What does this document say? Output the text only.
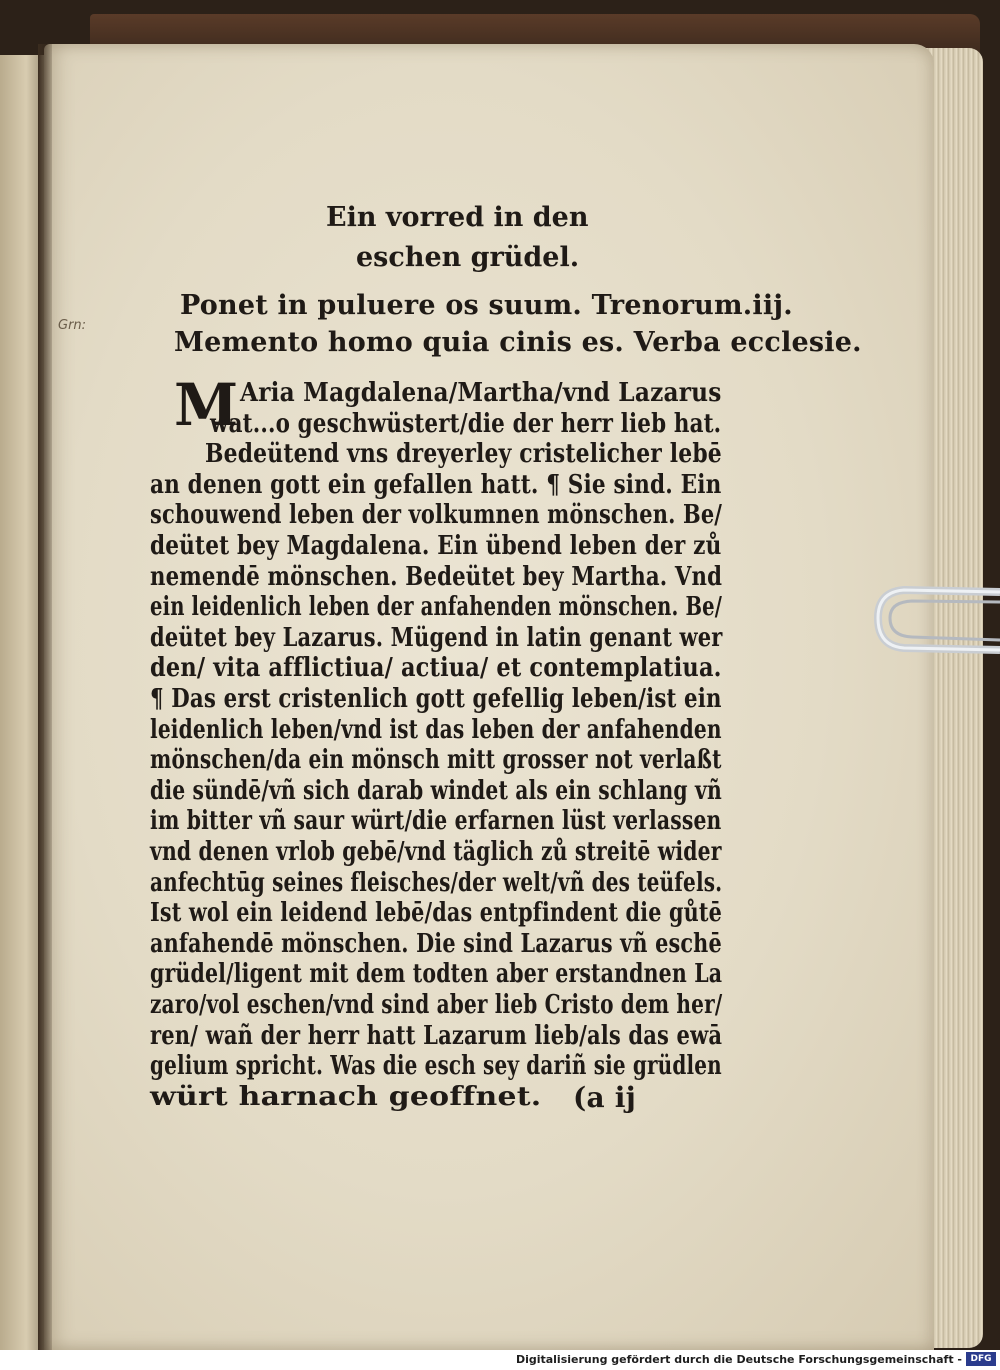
Grn:
Ein vorred in den
eschen grüdel.
Ponet in puluere os suum. Trenorum.iij.
Memento homo quia cinis es. Verba ecclesie.
M Aria Magdalena/Martha/vnd Lazarus
wat...o geschwüstert/die der herr lieb hat.
Bedeütend vns dreyerley cristelicher lebē
an denen gott ein gefallen hatt. ¶ Sie sind. Ein
schouwend leben der volkumnen mönschen. Be/
deütet bey Magdalena. Ein übend leben der zů
nemendē mönschen. Bedeütet bey Martha. Vnd
ein leidenlich leben der anfahenden mönschen. Be/
deütet bey Lazarus. Mügend in latin genant wer
den/ vita afflictiua/ actiua/ et contemplatiua.
¶ Das erst cristenlich gott gefellig leben/ist ein
leidenlich leben/vnd ist das leben der anfahenden
mönschen/da ein mönsch mitt grosser not verlaßt
die sündē/vñ sich darab windet als ein schlang vñ
im bitter vñ saur würt/die erfarnen lüst verlassen
vnd denen vrlob gebē/vnd täglich zů streitē wider
anfechtūg seines fleisches/der welt/vñ des teüfels.
Ist wol ein leidend lebē/das entpfindent die gůtē
anfahendē mönschen. Die sind Lazarus vñ eschē
grüdel/ligent mit dem todten aber erstandnen La
zaro/vol eschen/vnd sind aber lieb Cristo dem her/
ren/ wañ der herr hatt Lazarum lieb/als das ewā
gelium spricht. Was die esch sey dariñ sie grüdlen
würt harnach geoffnet. (a ij
Digitalisierung gefördert durch die Deutsche Forschungsgemeinschaft - DFG
